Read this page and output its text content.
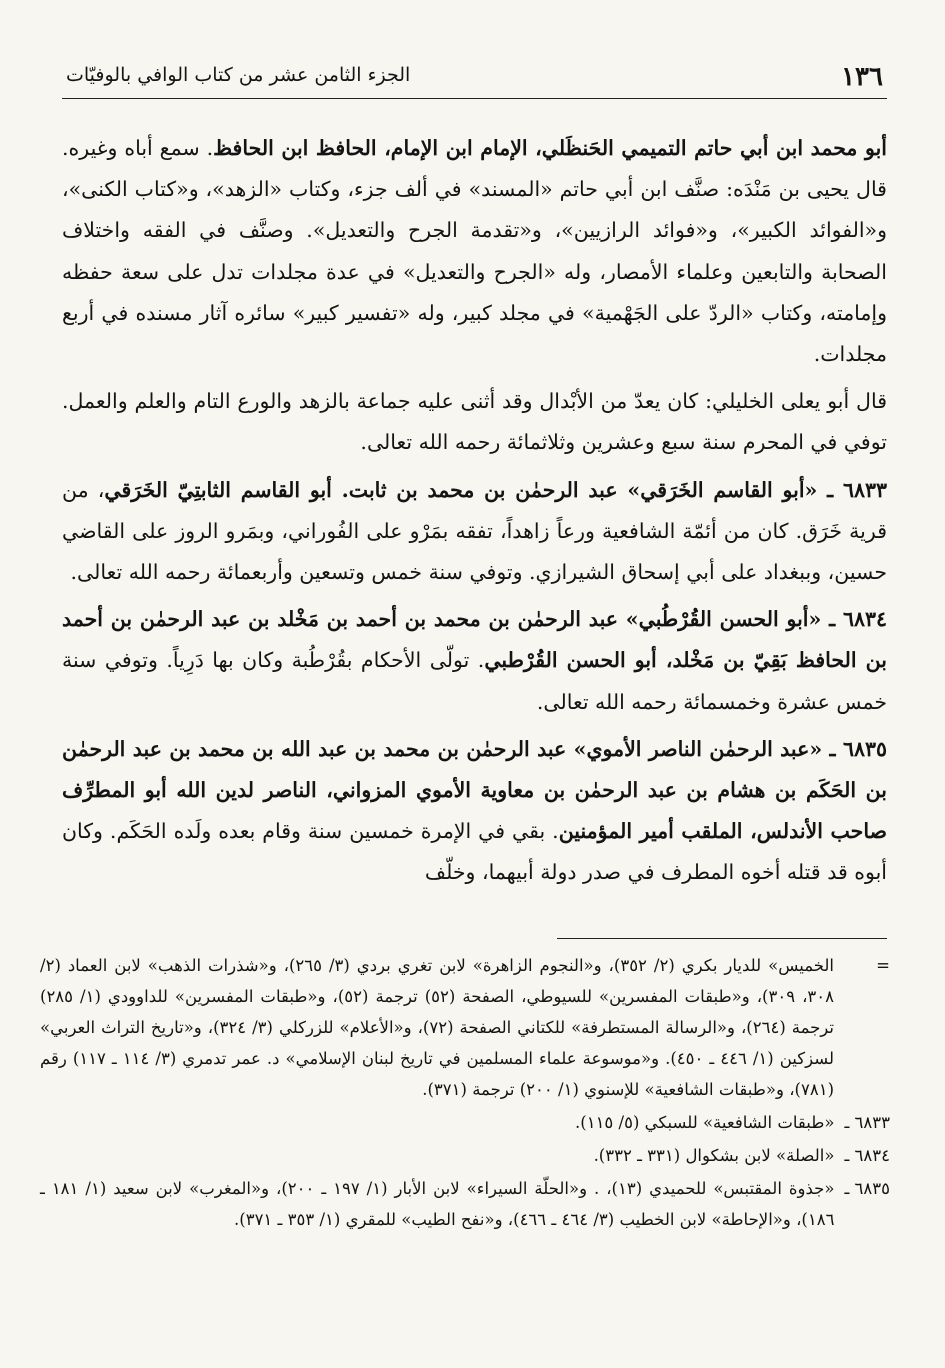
١٣٦
الجزء الثامن عشر من كتاب الوافي بالوفيّات

أبو محمد ابن أبي حاتم التميمي الحَنظَلي، الإمام ابن الإمام، الحافظ ابن الحافظ. سمع أباه وغيره. قال يحيى بن مَنْدَه: صنَّف ابن أبي حاتم «المسند» في ألف جزء، وكتاب «الزهد»، و«كتاب الكنى»، و«الفوائد الكبير»، و«فوائد الرازيين»، و«تقدمة الجرح والتعديل». وصنَّف في الفقه واختلاف الصحابة والتابعين وعلماء الأمصار، وله «الجرح والتعديل» في عدة مجلدات تدل على سعة حفظه وإمامته، وكتاب «الردّ على الجَهْمية» في مجلد كبير، وله «تفسير كبير» سائره آثار مسنده في أربع مجلدات.

قال أبو يعلى الخليلي: كان يعدّ من الأبْدال وقد أثنى عليه جماعة بالزهد والورع التام والعلم والعمل. توفي في المحرم سنة سبع وعشرين وثلاثمائة رحمه الله تعالى.

٦٨٣٣ ـ «أبو القاسم الخَرَقي» عبد الرحمٰن بن محمد بن ثابت. أبو القاسم الثابتِيّ الخَرَقي، من قرية خَرَق. كان من أئمّة الشافعية ورعاً زاهداً، تفقه بمَرْو على الفُوراني، وبمَرو الروز على القاضي حسين، وببغداد على أبي إسحاق الشيرازي. وتوفي سنة خمس وتسعين وأربعمائة رحمه الله تعالى.

٦٨٣٤ ـ «أبو الحسن القُرْطُبي» عبد الرحمٰن بن محمد بن أحمد بن مَخْلد بن عبد الرحمٰن بن أحمد بن الحافظ بَقِيّ بن مَخْلد، أبو الحسن القُرْطبي. تولّى الأحكام بقُرْطُبة وكان بها دَرِياً. وتوفي سنة خمس عشرة وخمسمائة رحمه الله تعالى.

٦٨٣٥ ـ «عبد الرحمٰن الناصر الأموي» عبد الرحمٰن بن محمد بن عبد الله بن محمد بن عبد الرحمٰن بن الحَكَم بن هشام بن عبد الرحمٰن بن معاوية الأموي المزواني، الناصر لدين الله أبو المطرِّف صاحب الأندلس، الملقب أمير المؤمنين. بقي في الإمرة خمسين سنة وقام بعده ولَده الحَكَم. وكان أبوه قد قتله أخوه المطرف في صدر دولة أبيهما، وخلّف

=
الخميس» للديار بكري (٢/ ٣٥٢)، و«النجوم الزاهرة» لابن تغري بردي (٣/ ٢٦٥)، و«شذرات الذهب» لابن العماد (٢/ ٣٠٨، ٣٠٩)، و«طبقات المفسرين» للسيوطي، الصفحة (٥٢) ترجمة (٥٢)، و«طبقات المفسرين» للداوودي (١/ ٢٨٥) ترجمة (٢٦٤)، و«الرسالة المستطرفة» للكتاني الصفحة (٧٢)، و«الأعلام» للزركلي (٣/ ٣٢٤)، و«تاريخ التراث العربي» لسزكين (١/ ٤٤٦ ـ ٤٥٠). و«موسوعة علماء المسلمين في تاريخ لبنان الإسلامي» د. عمر تدمري (٣/ ١١٤ ـ ١١٧) رقم (٧٨١)، و«طبقات الشافعية» للإسنوي (١/ ٢٠٠) ترجمة (٣٧١).
٦٨٣٣ ـ
«طبقات الشافعية» للسبكي (٥/ ١١٥).
٦٨٣٤ ـ
«الصلة» لابن بشكوال (٣٣١ ـ ٣٣٢).
٦٨٣٥ ـ
«جذوة المقتبس» للحميدي (١٣)، . و«الحلّة السيراء» لابن الأبار (١/ ١٩٧ ـ ٢٠٠)، و«المغرب» لابن سعيد (١/ ١٨١ ـ ١٨٦)، و«الإحاطة» لابن الخطيب (٣/ ٤٦٤ ـ ٤٦٦)، و«نفح الطيب» للمقري (١/ ٣٥٣ ـ ٣٧١).
